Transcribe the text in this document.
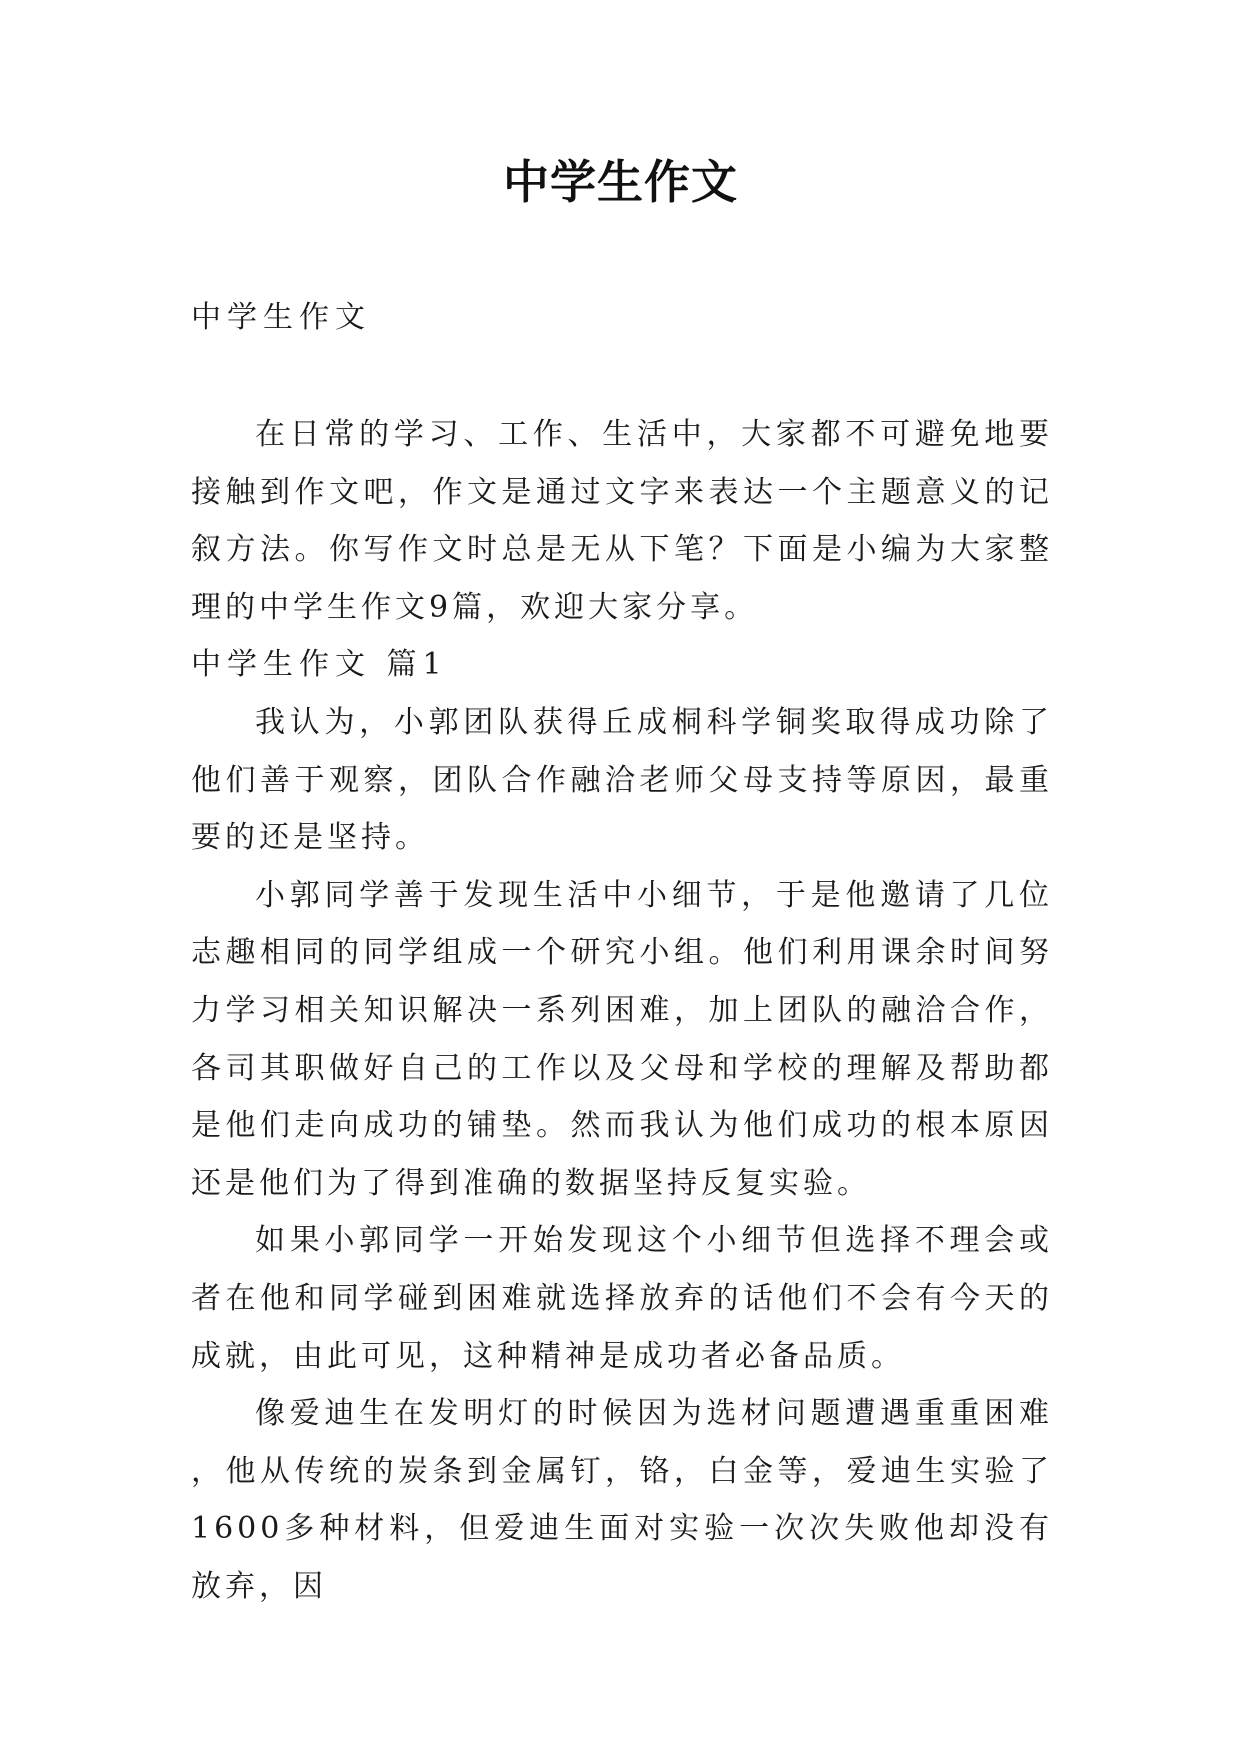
中学生作文

中学生作文

在日常的学习、工作、生活中，大家都不可避免地要接触到作文吧，作文是通过文字来表达一个主题意义的记叙方法。你写作文时总是无从下笔？下面是小编为大家整理的中学生作文9篇，欢迎大家分享。

中学生作文 篇1

我认为，小郭团队获得丘成桐科学铜奖取得成功除了他们善于观察，团队合作融洽老师父母支持等原因，最重要的还是坚持。

小郭同学善于发现生活中小细节，于是他邀请了几位志趣相同的同学组成一个研究小组。他们利用课余时间努力学习相关知识解决一系列困难，加上团队的融洽合作，各司其职做好自己的工作以及父母和学校的理解及帮助都是他们走向成功的铺垫。然而我认为他们成功的根本原因还是他们为了得到准确的数据坚持反复实验。

如果小郭同学一开始发现这个小细节但选择不理会或者在他和同学碰到困难就选择放弃的话他们不会有今天的成就，由此可见，这种精神是成功者必备品质。

像爱迪生在发明灯的时候因为选材问题遭遇重重困难，他从传统的炭条到金属钉，铬，白金等，爱迪生实验了1600多种材料，但爱迪生面对实验一次次失败他却没有放弃，因
